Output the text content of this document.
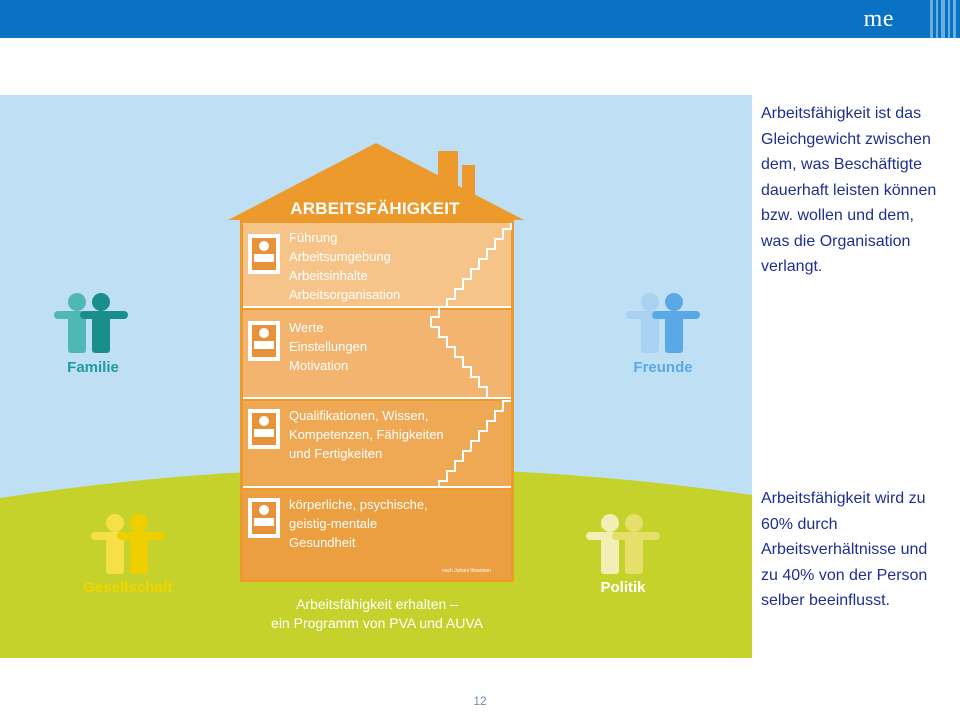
me
ARBEITSFÄHIGKEIT
Führung
Arbeitsumgebung
Arbeitsinhalte
Arbeitsorganisation
Werte
Einstellungen
Motivation
Qualifikationen, Wissen,
Kompetenzen, Fähigkeiten
und Fertigkeiten
körperliche, psychische,
geistig-mentale
Gesundheit
nach Juhani Ilmarinen
Familie	Freunde
Gesellschaft	Politik
Arbeitsfähigkeit erhalten –
ein Programm von PVA und AUVA

Arbeitsfähigkeit ist das Gleichgewicht zwischen dem, was Beschäftigte dauerhaft leisten können bzw. wollen und dem, was die Organisation verlangt.

Arbeitsfähigkeit wird zu 60% durch Arbeitsverhältnisse und zu 40% von der Person selber beeinflusst.

12
